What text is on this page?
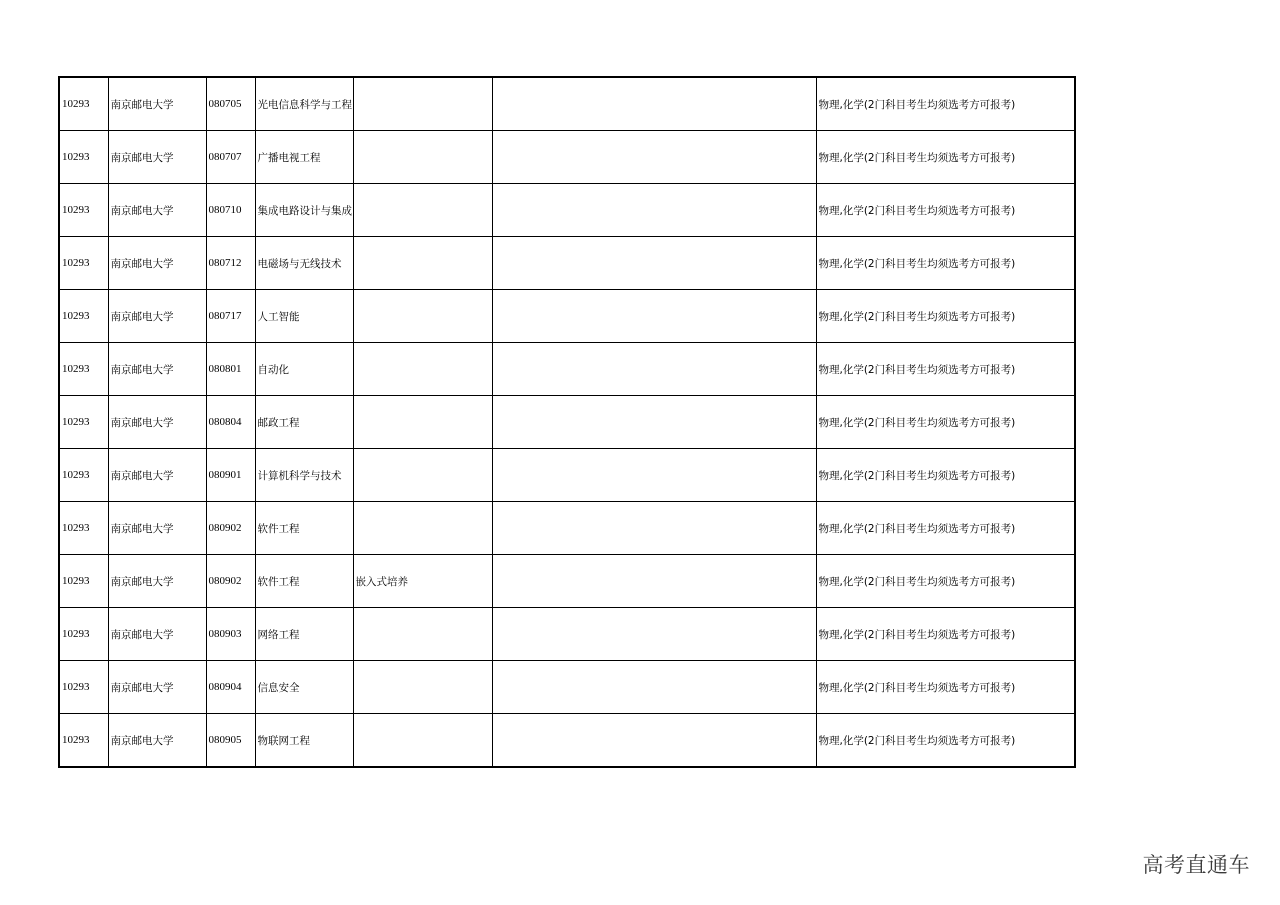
10293	南京邮电大学	080705	光电信息科学与工程			物理,化学(2门科目考生均须选考方可报考)
10293	南京邮电大学	080707	广播电视工程			物理,化学(2门科目考生均须选考方可报考)
10293	南京邮电大学	080710	集成电路设计与集成			物理,化学(2门科目考生均须选考方可报考)
10293	南京邮电大学	080712	电磁场与无线技术			物理,化学(2门科目考生均须选考方可报考)
10293	南京邮电大学	080717	人工智能			物理,化学(2门科目考生均须选考方可报考)
10293	南京邮电大学	080801	自动化			物理,化学(2门科目考生均须选考方可报考)
10293	南京邮电大学	080804	邮政工程			物理,化学(2门科目考生均须选考方可报考)
10293	南京邮电大学	080901	计算机科学与技术			物理,化学(2门科目考生均须选考方可报考)
10293	南京邮电大学	080902	软件工程			物理,化学(2门科目考生均须选考方可报考)
10293	南京邮电大学	080902	软件工程	嵌入式培养		物理,化学(2门科目考生均须选考方可报考)
10293	南京邮电大学	080903	网络工程			物理,化学(2门科目考生均须选考方可报考)
10293	南京邮电大学	080904	信息安全			物理,化学(2门科目考生均须选考方可报考)
10293	南京邮电大学	080905	物联网工程			物理,化学(2门科目考生均须选考方可报考)
高考直通车
